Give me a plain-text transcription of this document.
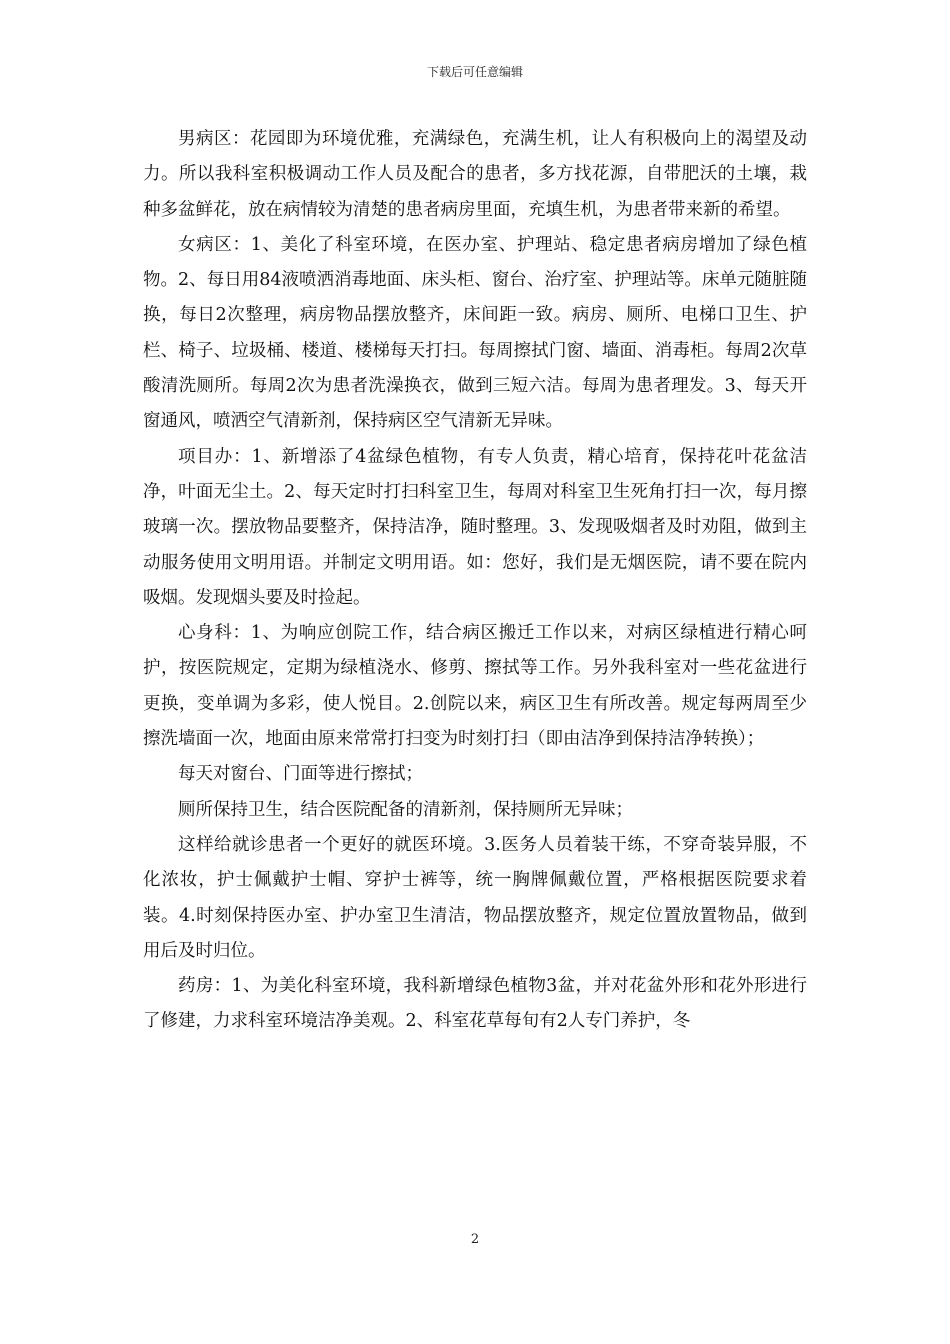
下载后可任意编辑

男病区：花园即为环境优雅，充满绿色，充满生机，让人有积极向上的渴望及动力。所以我科室积极调动工作人员及配合的患者，多方找花源，自带肥沃的土壤，栽种多盆鲜花，放在病情较为清楚的患者病房里面，充填生机，为患者带来新的希望。

女病区：1、美化了科室环境，在医办室、护理站、稳定患者病房增加了绿色植物。2、每日用84液喷洒消毒地面、床头柜、窗台、治疗室、护理站等。床单元随脏随换，每日2次整理，病房物品摆放整齐，床间距一致。病房、厕所、电梯口卫生、护栏、椅子、垃圾桶、楼道、楼梯每天打扫。每周擦拭门窗、墙面、消毒柜。每周2次草酸清洗厕所。每周2次为患者洗澡换衣，做到三短六洁。每周为患者理发。3、每天开窗通风，喷洒空气清新剂，保持病区空气清新无异味。

项目办：1、新增添了4盆绿色植物，有专人负责，精心培育，保持花叶花盆洁净，叶面无尘土。2、每天定时打扫科室卫生，每周对科室卫生死角打扫一次，每月擦玻璃一次。摆放物品要整齐，保持洁净，随时整理。3、发现吸烟者及时劝阻，做到主动服务使用文明用语。并制定文明用语。如：您好，我们是无烟医院，请不要在院内吸烟。发现烟头要及时捡起。

心身科：1、为响应创院工作，结合病区搬迁工作以来，对病区绿植进行精心呵护，按医院规定，定期为绿植浇水、修剪、擦拭等工作。另外我科室对一些花盆进行更换，变单调为多彩，使人悦目。2.创院以来，病区卫生有所改善。规定每两周至少擦洗墙面一次，地面由原来常常打扫变为时刻打扫（即由洁净到保持洁净转换）；

每天对窗台、门面等进行擦拭；

厕所保持卫生，结合医院配备的清新剂，保持厕所无异味；

这样给就诊患者一个更好的就医环境。3.医务人员着装干练，不穿奇装异服，不化浓妆，护士佩戴护士帽、穿护士裤等，统一胸牌佩戴位置，严格根据医院要求着装。4.时刻保持医办室、护办室卫生清洁，物品摆放整齐，规定位置放置物品，做到用后及时归位。

药房：1、为美化科室环境，我科新增绿色植物3盆，并对花盆外形和花外形进行了修建，力求科室环境洁净美观。2、科室花草每旬有2人专门养护，冬

2
